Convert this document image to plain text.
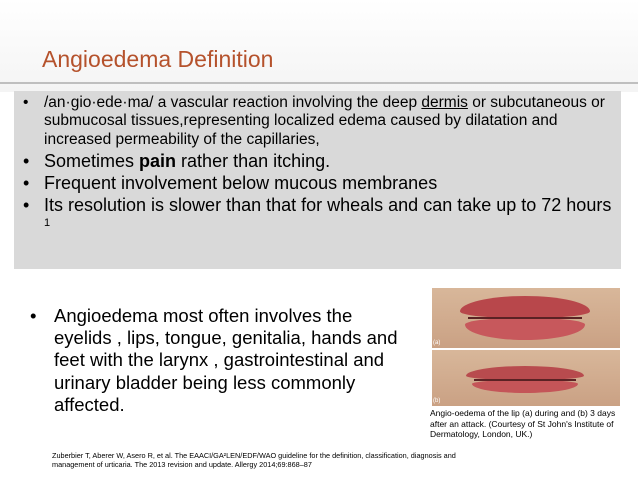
Angioedema Definition
• /an·gio·ede·ma/ a vascular reaction involving the deep dermis or subcutaneous or submucosal tissues,representing localized edema caused by dilatation and increased permeability of the capillaries,
• Sometimes pain rather than itching.
• Frequent involvement below mucous membranes
• Its resolution is slower than that for wheals and can take up to 72 hours $^1$
• Angioedema most often involves the eyelids , lips, tongue, genitalia, hands and feet with the larynx , gastrointestinal and urinary bladder being less commonly affected.
(a)
(b)
Angio-oedema of the lip (a) during and (b) 3 days after an attack. (Courtesy of St John's Institute of Dermatology, London, UK.)
Zuberbier T, Aberer W, Asero R, et al. The EAACI/GA²LEN/EDF/WAO guideline for the definition, classification, diagnosis and management of urticaria. The 2013 revision and update. Allergy 2014;69:868–87
